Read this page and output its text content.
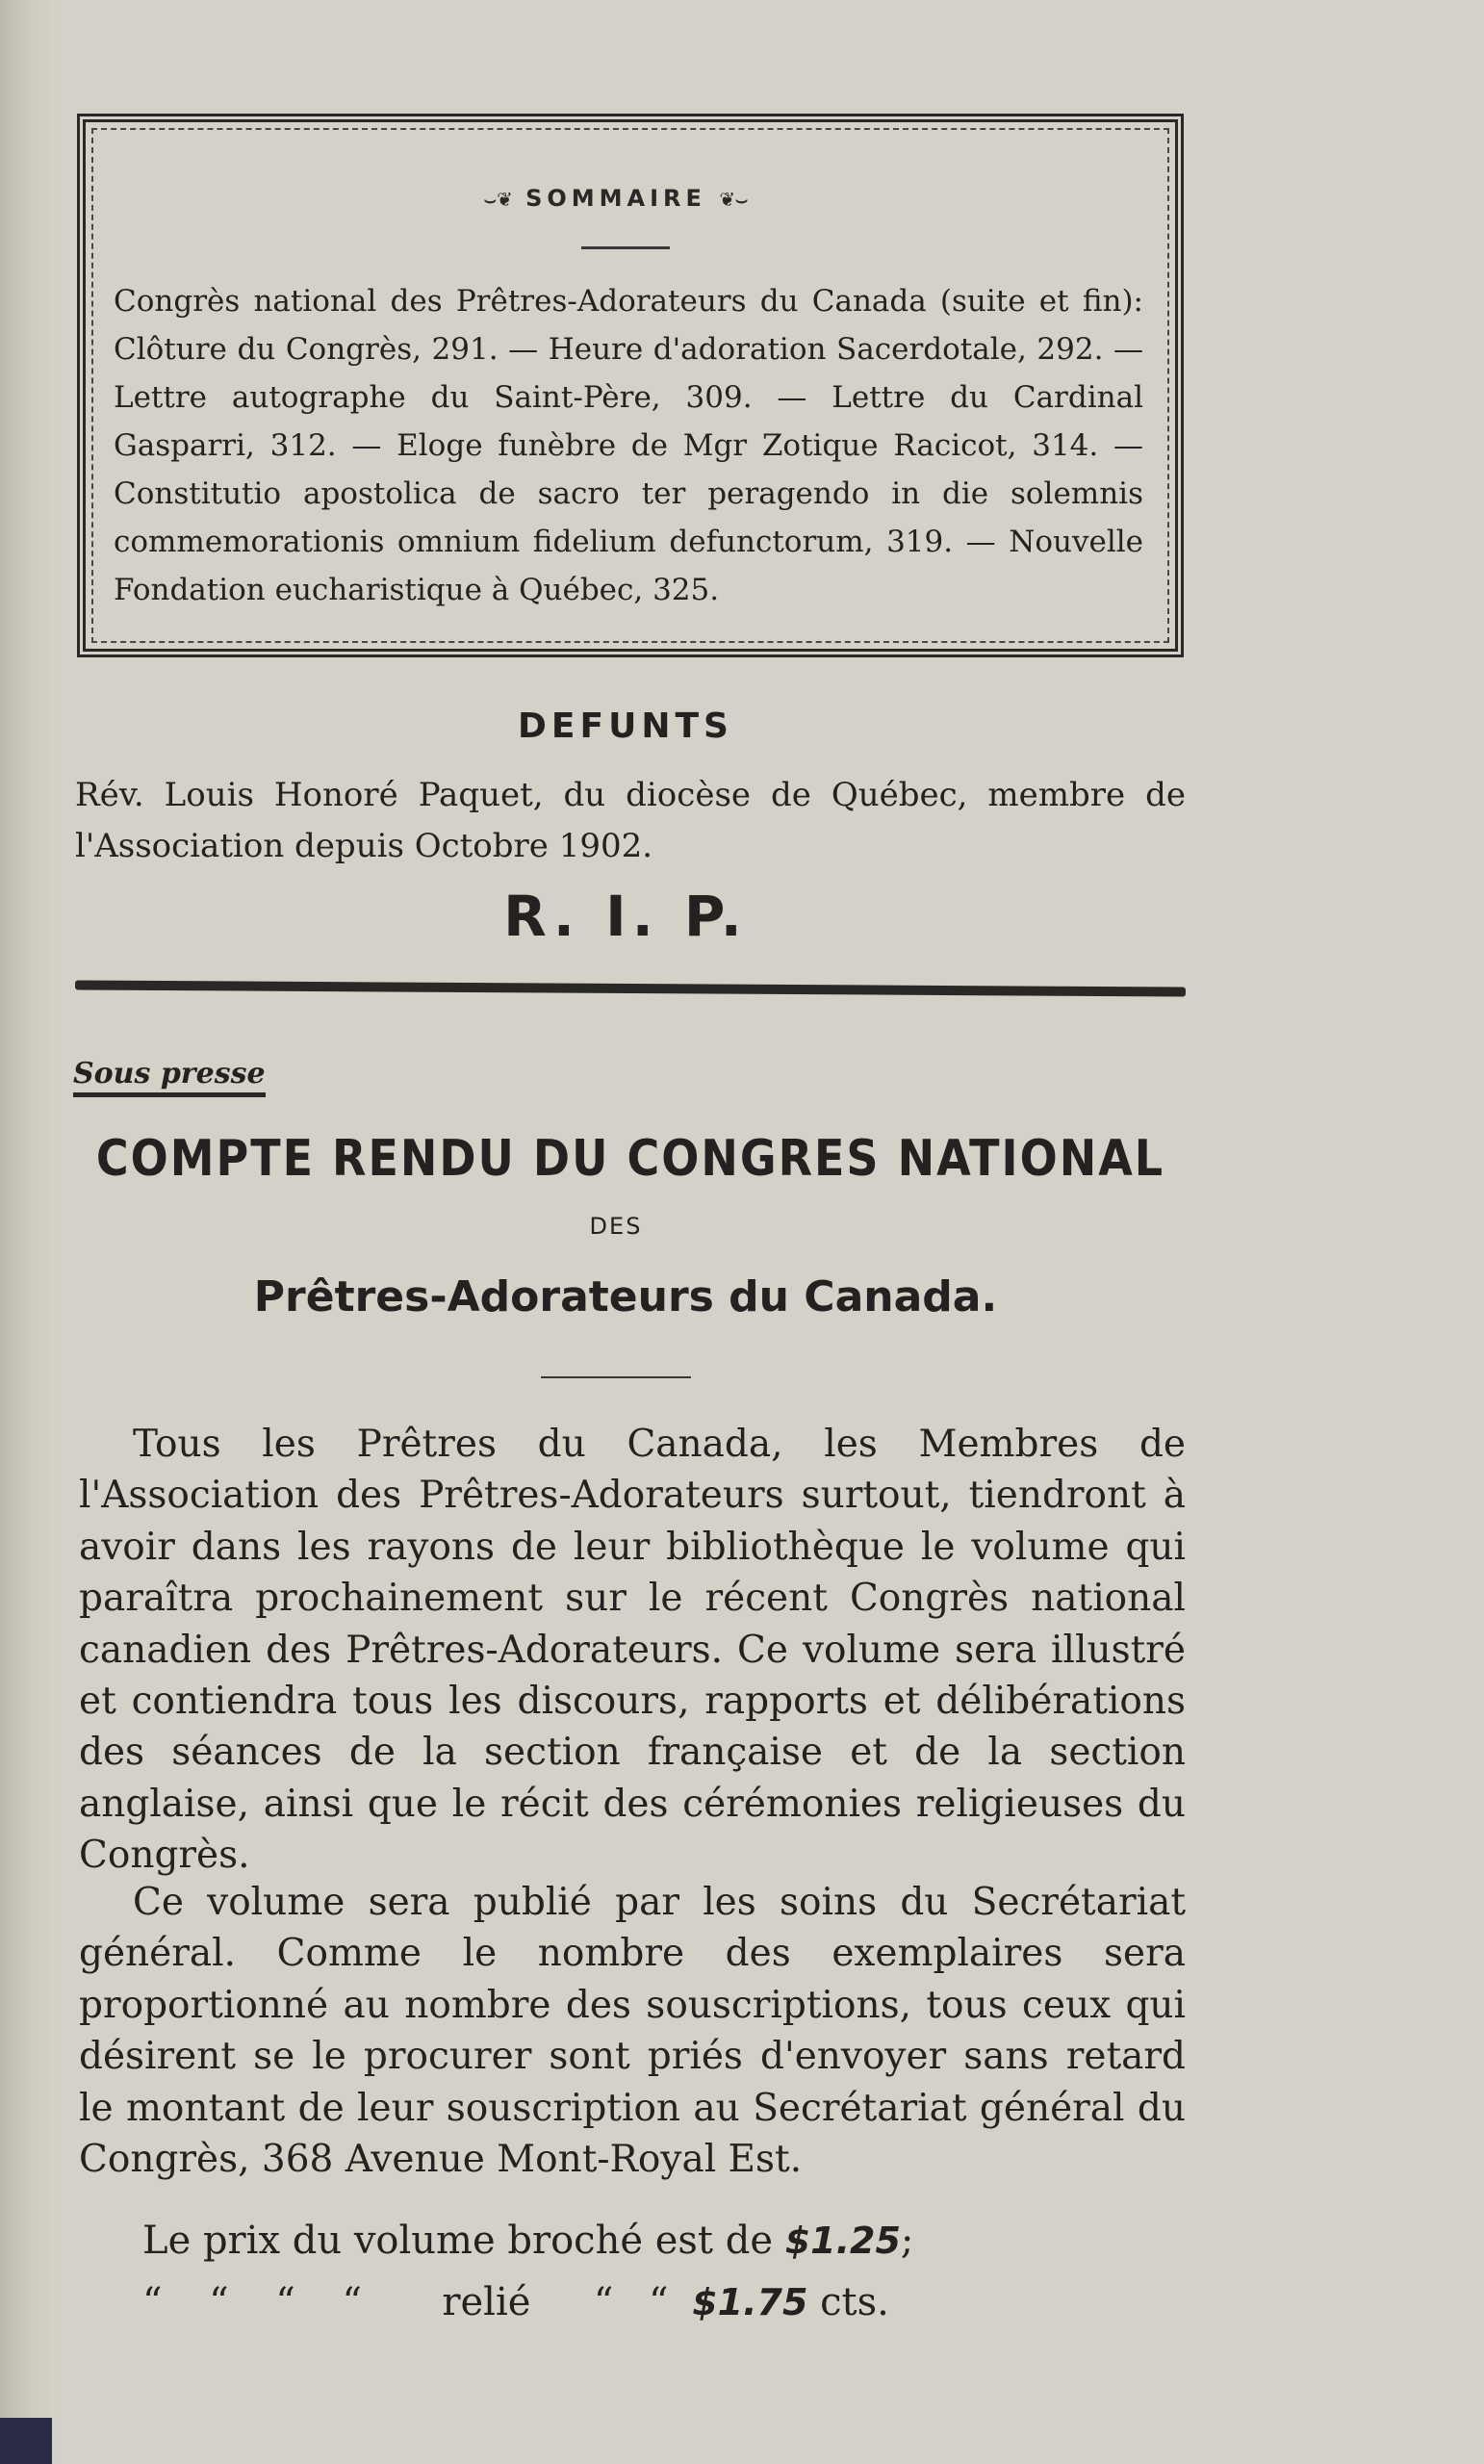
⌣❦ SOMMAIRE ❦⌣
Congrès national des Prêtres-Adorateurs du Canada (suite et fin): Clôture du Congrès, 291. — Heure d'adoration Sacerdotale, 292. — Lettre autographe du Saint-Père, 309. — Lettre du Cardinal Gasparri, 312. — Eloge funèbre de Mgr Zotique Racicot, 314. — Constitutio apostolica de sacro ter peragendo in die solemnis commemorationis omnium fidelium defunctorum, 319. — Nouvelle Fondation eucharistique à Québec, 325.
DEFUNTS
Rév. Louis Honoré Paquet, du diocèse de Québec, membre de l'Association depuis Octobre 1902.
R. I. P.
Sous presse
COMPTE RENDU DU CONGRES NATIONAL
DES
Prêtres-Adorateurs du Canada.
Tous les Prêtres du Canada, les Membres de l'Association des Prêtres-Adorateurs surtout, tiendront à avoir dans les rayons de leur bibliothèque le volume qui paraîtra prochainement sur le récent Congrès national canadien des Prêtres-Adorateurs. Ce volume sera illustré et contiendra tous les discours, rapports et délibérations des séances de la section française et de la section anglaise, ainsi que le récit des cérémonies religieuses du Congrès.
Ce volume sera publié par les soins du Secrétariat général. Comme le nombre des exemplaires sera proportionné au nombre des souscriptions, tous ceux qui désirent se le procurer sont priés d'envoyer sans retard le montant de leur souscription au Secrétariat général du Congrès, 368 Avenue Mont-Royal Est.
Le prix du volume broché est de $1.25;
“ “ “ “ relié “ “ $1.75 cts.
